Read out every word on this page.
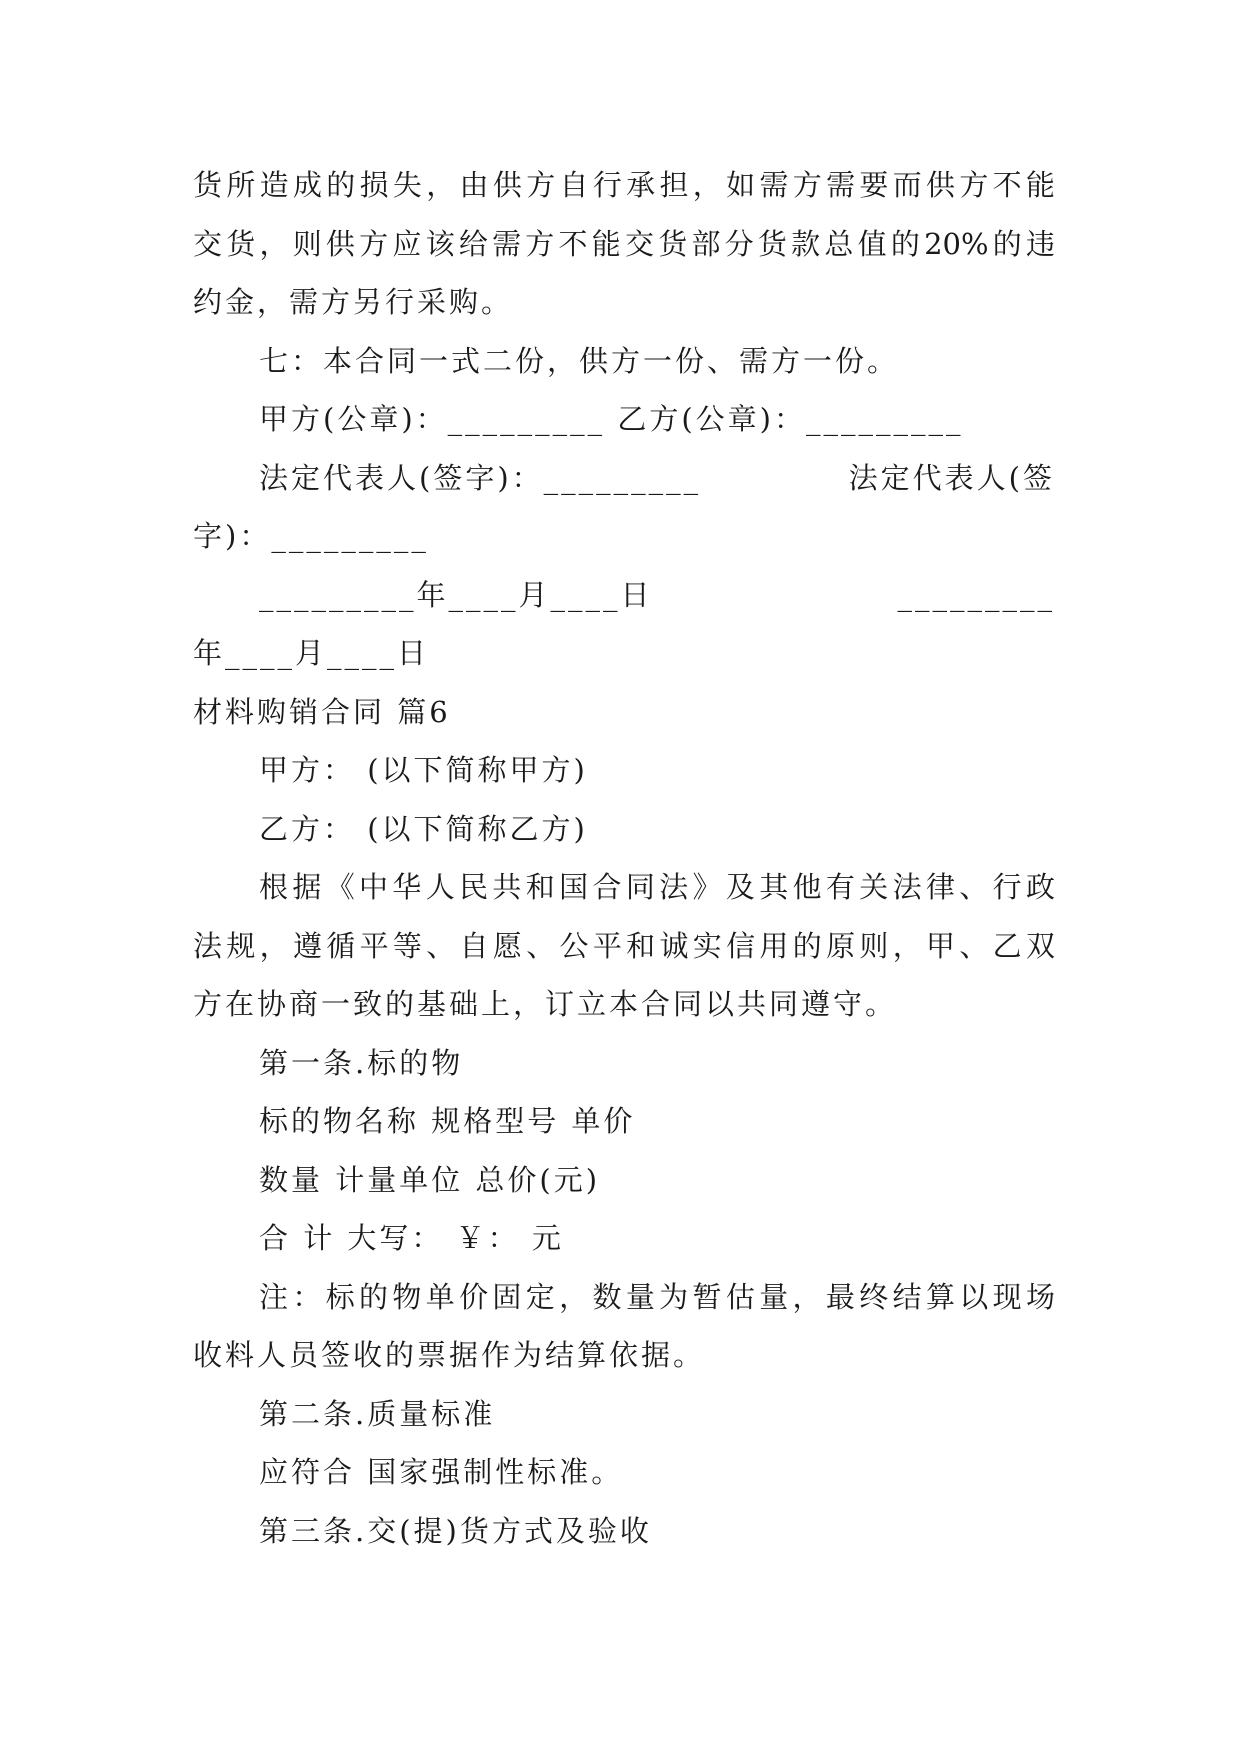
货所造成的损失，由供方自行承担，如需方需要而供方不能
交货，则供方应该给需方不能交货部分货款总值的20%的违
约金，需方另行采购。
七：本合同一式二份，供方一份、需方一份。
甲方(公章)：_________ 乙方(公章)：_________
法定代表人(签字)：_________	法定代表人(签
字)：_________
_________年____月____日	_________
年____月____日
材料购销合同 篇6
甲方： (以下简称甲方)
乙方： (以下简称乙方)
根据《中华人民共和国合同法》及其他有关法律、行政
法规，遵循平等、自愿、公平和诚实信用的原则，甲、乙双
方在协商一致的基础上，订立本合同以共同遵守。
第一条.标的物
标的物名称 规格型号 单价
数量 计量单位 总价(元)
合 计 大写： ￥： 元
注：标的物单价固定，数量为暂估量，最终结算以现场
收料人员签收的票据作为结算依据。
第二条.质量标准
应符合 国家强制性标准。
第三条.交(提)货方式及验收
